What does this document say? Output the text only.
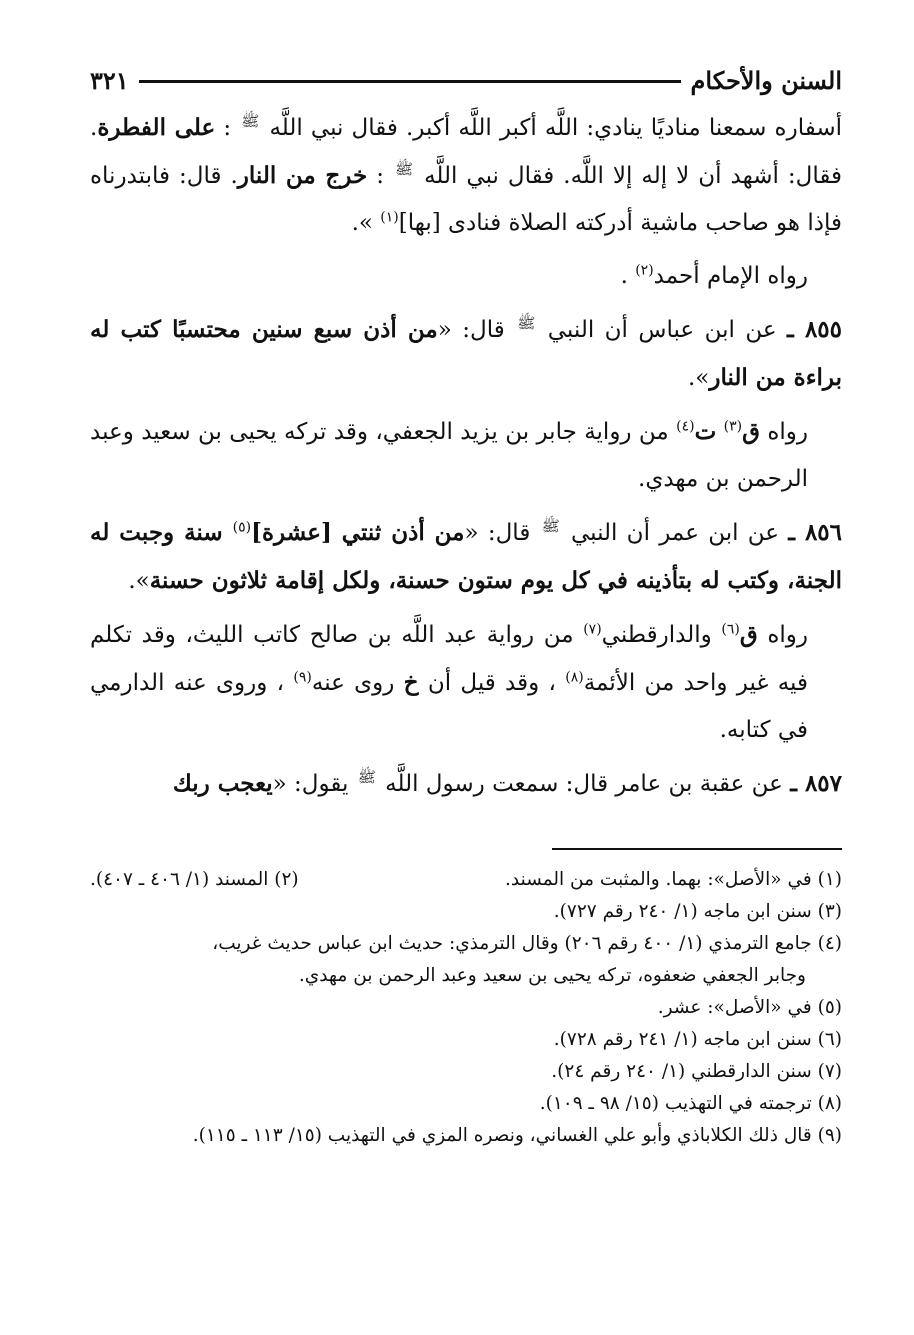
السنن والأحكام
٣٢١

أسفاره سمعنا مناديًا ينادي: اللَّه أكبر اللَّه أكبر. فقال نبي اللَّه $^ﷺ$ : على الفطرة. فقال: أشهد أن لا إله إلا اللَّه. فقال نبي اللَّه $^ﷺ$ : خرج من النار. قال: فابتدرناه فإذا هو صاحب ماشية أدركته الصلاة فنادى [بها]$^{(١)}$ ».

رواه الإمام أحمد$^{(٢)}$ .

٨٥٥ ـ عن ابن عباس أن النبي $^ﷺ$ قال: «من أذن سبع سنين محتسبًا كتب له براءة من النار».

رواه ق$^{(٣)}$ ت$^{(٤)}$ من رواية جابر بن يزيد الجعفي، وقد تركه يحيى بن سعيد وعبد الرحمن بن مهدي.

٨٥٦ ـ عن ابن عمر أن النبي $^ﷺ$ قال: «من أذن ثنتي [عشرة]$^{(٥)}$ سنة وجبت له الجنة، وكتب له بتأذينه في كل يوم ستون حسنة، ولكل إقامة ثلاثون حسنة».

رواه ق$^{(٦)}$ والدارقطني$^{(٧)}$ من رواية عبد اللَّه بن صالح كاتب الليث، وقد تكلم فيه غير واحد من الأئمة$^{(٨)}$ ، وقد قيل أن خ روى عنه$^{(٩)}$ ، وروى عنه الدارمي في كتابه.

٨٥٧ ـ عن عقبة بن عامر قال: سمعت رسول اللَّه $^ﷺ$ يقول: «يعجب ربك

(١) في «الأصل»: بهما. والمثبت من المسند.

(٢) المسند (١/ ٤٠٦ ـ ٤٠٧).

(٣) سنن ابن ماجه (١/ ٢٤٠ رقم ٧٢٧).

(٤) جامع الترمذي (١/ ٤٠٠ رقم ٢٠٦) وقال الترمذي: حديث ابن عباس حديث غريب،

وجابر الجعفي ضعفوه، تركه يحيى بن سعيد وعبد الرحمن بن مهدي.

(٥) في «الأصل»: عشر.

(٦) سنن ابن ماجه (١/ ٢٤١ رقم ٧٢٨).

(٧) سنن الدارقطني (١/ ٢٤٠ رقم ٢٤).

(٨) ترجمته في التهذيب (١٥/ ٩٨ ـ ١٠٩).

(٩) قال ذلك الكلاباذي وأبو علي الغساني، ونصره المزي في التهذيب (١٥/ ١١٣ ـ ١١٥).
